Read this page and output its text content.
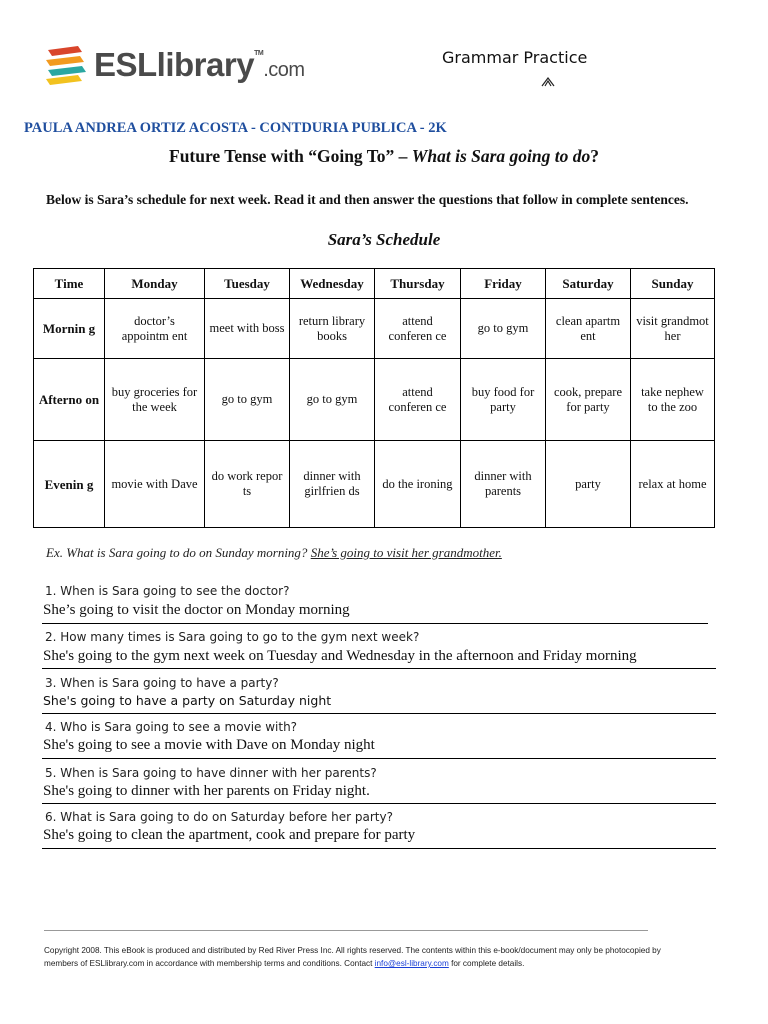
ESLlibrary™.com
Grammar Practice
PAULA ANDREA ORTIZ ACOSTA - CONTDURIA PUBLICA - 2K
Future Tense with “Going To” – What is Sara going to do?
Below is Sara’s schedule for next week. Read it and then answer the questions that follow in complete sentences.
Sara’s Schedule
Time	Monday	Tuesday	Wednesday	Thursday	Friday	Saturday	Sunday
Mornin g	doctor’s appointm ent	meet with boss	return library books	attend conferen ce	go to gym	clean apartm ent	visit grandmot her
Afterno on	buy groceries for the week	go to gym	go to gym	attend conferen ce	buy food for party	cook, prepare for party	take nephew to the zoo
Evenin g	movie with Dave	do work repor ts	dinner with girlfrien ds	do the ironing	dinner with parents	party	relax at home
Ex. What is Sara going to do on Sunday morning? She’s going to visit her grandmother.
1. When is Sara going to see the doctor?
She’s going to visit the doctor on Monday morning
2. How many times is Sara going to go to the gym next week?
She's going to the gym next week on Tuesday and Wednesday in the afternoon and Friday morning
3. When is Sara going to have a party?
She's going to have a party on Saturday night
4. Who is Sara going to see a movie with?
She's going to see a movie with Dave on Monday night
5. When is Sara going to have dinner with her parents?
She's going to dinner with her parents on Friday night.
6. What is Sara going to do on Saturday before her party?
She's going to clean the apartment, cook and prepare for party
Copyright 2008. This eBook is produced and distributed by Red River Press Inc. All rights reserved. The contents within this e-book/document may only be photocopied by members of ESLlibrary.com in accordance with membership terms and conditions. Contact info@esl-library.com for complete details.
